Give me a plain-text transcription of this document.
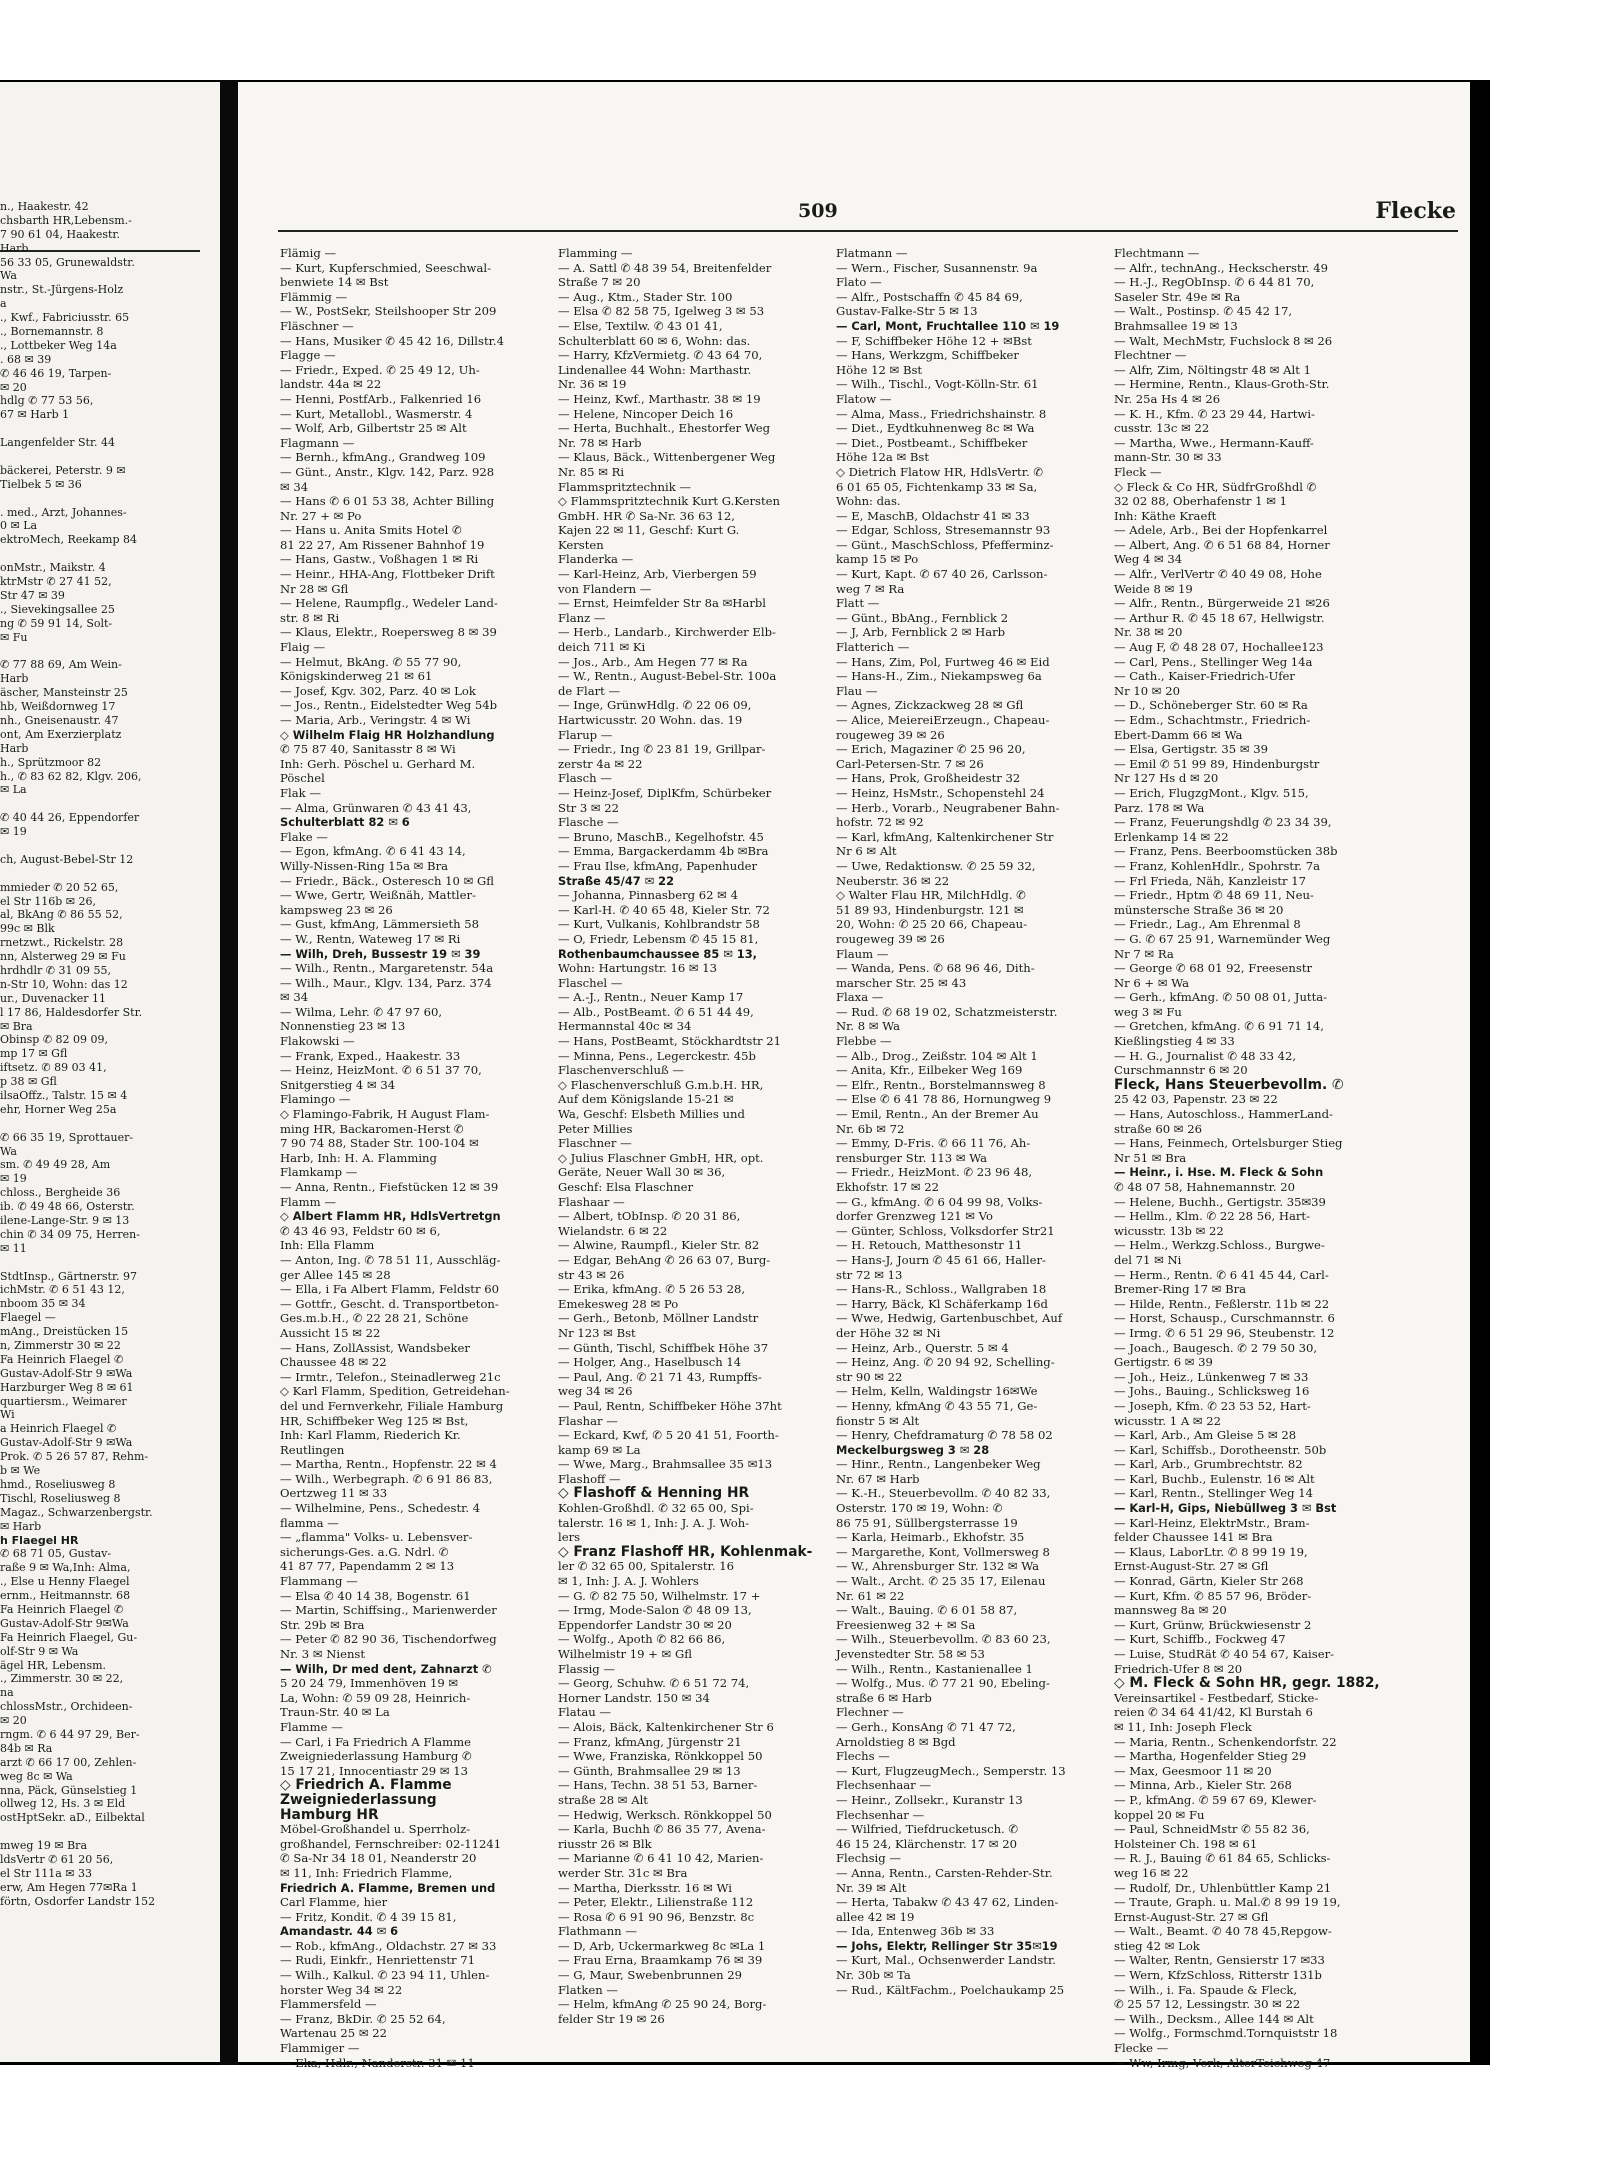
n., Haakestr. 42
chsbarth HR,Lebensm.-
7 90 61 04, Haakestr.
Harb
56 33 05, Grunewaldstr.
Wa
nstr., St.-Jürgens-Holz
a
., Kwf., Fabriciusstr. 65
., Bornemannstr. 8
., Lottbeker Weg 14a
. 68 ✉ 39
✆ 46 46 19, Tarpen-
✉ 20
hdlg ✆ 77 53 56,
67 ✉ Harb 1

Langenfelder Str. 44

bäckerei, Peterstr. 9 ✉
Tielbek 5 ✉ 36

. med., Arzt, Johannes-
0 ✉ La
ektroMech, Reekamp 84

onMstr., Maikstr. 4
ktrMstr ✆ 27 41 52,
Str 47 ✉ 39
., Sievekingsallee 25
ng ✆ 59 91 14, Solt-
✉ Fu

✆ 77 88 69, Am Wein-
Harb
äscher, Mansteinstr 25
hb, Weißdornweg 17
nh., Gneisenaustr. 47
ont, Am Exerzierplatz
Harb
h., Sprützmoor 82
h., ✆ 83 62 82, Klgv. 206,
✉ La

✆ 40 44 26, Eppendorfer
✉ 19

ch, August-Bebel-Str 12

mmieder ✆ 20 52 65,
el Str 116b ✉ 26,
al, BkAng ✆ 86 55 52,
99c ✉ Blk
rnetzwt., Rickelstr. 28
nn, Alsterweg 29 ✉ Fu
hrdhdlr ✆ 31 09 55,
n-Str 10, Wohn: das 12
ur., Duvenacker 11
l 17 86, Haldesdorfer Str.
✉ Bra
Obinsp ✆ 82 09 09,
mp 17 ✉ Gfl
iftsetz. ✆ 89 03 41,
p 38 ✉ Gfl
ilsaOffz., Talstr. 15 ✉ 4
ehr, Horner Weg 25a

✆ 66 35 19, Sprottauer-
Wa
sm. ✆ 49 49 28, Am
✉ 19
chloss., Bergheide 36
ib. ✆ 49 48 66, Osterstr.
ilene-Lange-Str. 9 ✉ 13
chin ✆ 34 09 75, Herren-
✉ 11

StdtInsp., Gärtnerstr. 97
ichMstr. ✆ 6 51 43 12,
nboom 35 ✉ 34
Flaegel —
mAng., Dreistücken 15
n, Zimmerstr 30 ✉ 22
Fa Heinrich Flaegel ✆
Gustav-Adolf-Str 9 ✉Wa
Harzburger Weg 8 ✉ 61
quartiersm., Weimarer
Wi
a Heinrich Flaegel ✆
Gustav-Adolf-Str 9 ✉Wa
Prok. ✆ 5 26 57 87, Rehm-
b ✉ We
hmd., Roseliusweg 8
Tischl, Roseliusweg 8
Magaz., Schwarzenbergstr.
✉ Harb
h Flaegel HR
✆ 68 71 05, Gustav-
raße 9 ✉ Wa,Inh: Alma,
., Else u Henny Flaegel
ernm., Heitmannstr. 68
Fa Heinrich Flaegel ✆
Gustav-Adolf-Str 9✉Wa
Fa Heinrich Flaegel, Gu-
olf-Str 9 ✉ Wa
ägel HR, Lebensm.
., Zimmerstr. 30 ✉ 22,
na
chlossMstr., Orchideen-
✉ 20
rngm. ✆ 6 44 97 29, Ber-
84b ✉ Ra
arzt ✆ 66 17 00, Zehlen-
weg 8c ✉ Wa
nna, Päck, Günselstieg 1
ollweg 12, Hs. 3 ✉ Eld
ostHptSekr. aD., Eilbektal

mweg 19 ✉ Bra
ldsVertr ✆ 61 20 56,
el Str 111a ✉ 33
erw, Am Hegen 77✉Ra 1
förtn, Osdorfer Landstr 152
509	Flecke
Flämig —
— Kurt, Kupferschmied, Seeschwal-
benwiete 14 ✉ Bst
Flämmig —
— W., PostSekr, Steilshooper Str 209
Fläschner —
— Hans, Musiker ✆ 45 42 16, Dillstr.4
Flagge —
— Friedr., Exped. ✆ 25 49 12, Uh-
landstr. 44a ✉ 22
— Henni, PostfArb., Falkenried 16
— Kurt, Metallobl., Wasmerstr. 4
— Wolf, Arb, Gilbertstr 25 ✉ Alt
Flagmann —
— Bernh., kfmAng., Grandweg 109
— Günt., Anstr., Klgv. 142, Parz. 928
✉ 34
— Hans ✆ 6 01 53 38, Achter Billing
Nr. 27 + ✉ Po
— Hans u. Anita Smits Hotel ✆
81 22 27, Am Rissener Bahnhof 19
— Hans, Gastw., Voßhagen 1 ✉ Ri
— Heinr., HHA-Ang, Flottbeker Drift
Nr 28 ✉ Gfl
— Helene, Raumpflg., Wedeler Land-
str. 8 ✉ Ri
— Klaus, Elektr., Roepersweg 8 ✉ 39
Flaig —
— Helmut, BkAng. ✆ 55 77 90,
Königskinderweg 21 ✉ 61
— Josef, Kgv. 302, Parz. 40 ✉ Lok
— Jos., Rentn., Eidelstedter Weg 54b
— Maria, Arb., Veringstr. 4 ✉ Wi
◇ Wilhelm Flaig HR Holzhandlung
✆ 75 87 40, Sanitasstr 8 ✉ Wi
Inh: Gerh. Pöschel u. Gerhard M.
Pöschel
Flak —
— Alma, Grünwaren ✆ 43 41 43,
Schulterblatt 82 ✉ 6
Flake —
— Egon, kfmAng. ✆ 6 41 43 14,
Willy-Nissen-Ring 15a ✉ Bra
— Friedr., Bäck., Osteresch 10 ✉ Gfl
— Wwe, Gertr, Weißnäh, Mattler-
kampsweg 23 ✉ 26
— Gust, kfmAng, Lämmersieth 58
— W., Rentn, Wateweg 17 ✉ Ri
— Wilh, Dreh, Bussestr 19 ✉ 39
— Wilh., Rentn., Margaretenstr. 54a
— Wilh., Maur., Klgv. 134, Parz. 374
✉ 34
— Wilma, Lehr. ✆ 47 97 60,
Nonnenstieg 23 ✉ 13
Flakowski —
— Frank, Exped., Haakestr. 33
— Heinz, HeizMont. ✆ 6 51 37 70,
Snitgerstieg 4 ✉ 34
Flamingo —
◇ Flamingo-Fabrik, H August Flam-
ming HR, Backaromen-Herst ✆
7 90 74 88, Stader Str. 100-104 ✉
Harb, Inh: H. A. Flamming
Flamkamp —
— Anna, Rentn., Fiefstücken 12 ✉ 39
Flamm —
◇ Albert Flamm HR, HdlsVertretgn
✆ 43 46 93, Feldstr 60 ✉ 6,
Inh: Ella Flamm
— Anton, Ing. ✆ 78 51 11, Ausschläg-
ger Allee 145 ✉ 28
— Ella, i Fa Albert Flamm, Feldstr 60
— Gottfr., Gescht. d. Transportbeton-
Ges.m.b.H., ✆ 22 28 21, Schöne
Aussicht 15 ✉ 22
— Hans, ZollAssist, Wandsbeker
Chaussee 48 ✉ 22
— Irmtr., Telefon., Steinadlerweg 21c
◇ Karl Flamm, Spedition, Getreidehan-
del und Fernverkehr, Filiale Hamburg
HR, Schiffbeker Weg 125 ✉ Bst,
Inh: Karl Flamm, Riederich Kr.
Reutlingen
— Martha, Rentn., Hopfenstr. 22 ✉ 4
— Wilh., Werbegraph. ✆ 6 91 86 83,
Oertzweg 11 ✉ 33
— Wilhelmine, Pens., Schedestr. 4
flamma —
— „flamma" Volks- u. Lebensver-
sicherungs-Ges. a.G. Ndrl. ✆
41 87 77, Papendamm 2 ✉ 13
Flammang —
— Elsa ✆ 40 14 38, Bogenstr. 61
— Martin, Schiffsing., Marienwerder
Str. 29b ✉ Bra
— Peter ✆ 82 90 36, Tischendorfweg
Nr. 3 ✉ Nienst
— Wilh, Dr med dent, Zahnarzt ✆
5 20 24 79, Immenhöven 19 ✉
La, Wohn: ✆ 59 09 28, Heinrich-
Traun-Str. 40 ✉ La
Flamme —
— Carl, i Fa Friedrich A Flamme
Zweigniederlassung Hamburg ✆
15 17 21, Innocentiastr 29 ✉ 13
◇ Friedrich A. Flamme
Zweigniederlassung
Hamburg HR
Möbel-Großhandel u. Sperrholz-
großhandel, Fernschreiber: 02-11241
✆ Sa-Nr 34 18 01, Neanderstr 20
✉ 11, Inh: Friedrich Flamme,
Friedrich A. Flamme, Bremen und
Carl Flamme, hier
— Fritz, Kondit. ✆ 4 39 15 81,
Amandastr. 44 ✉ 6
— Rob., kfmAng., Oldachstr. 27 ✉ 33
— Rudi, Einkfr., Henriettenstr 71
— Wilh., Kalkul. ✆ 23 94 11, Uhlen-
horster Weg 34 ✉ 22
Flammersfeld —
— Franz, BkDir. ✆ 25 52 64,
Wartenau 25 ✉ 22
Flammiger —
— Eka, Hdlr., Nanderstr. 31 ✉ 11
Flamming —
— A. Sattl ✆ 48 39 54, Breitenfelder
Straße 7 ✉ 20
— Aug., Ktm., Stader Str. 100
— Elsa ✆ 82 58 75, Igelweg 3 ✉ 53
— Else, Textilw. ✆ 43 01 41,
Schulterblatt 60 ✉ 6, Wohn: das.
— Harry, KfzVermietg. ✆ 43 64 70,
Lindenallee 44 Wohn: Marthastr.
Nr. 36 ✉ 19
— Heinz, Kwf., Marthastr. 38 ✉ 19
— Helene, Nincoper Deich 16
— Herta, Buchhalt., Ehestorfer Weg
Nr. 78 ✉ Harb
— Klaus, Bäck., Wittenbergener Weg
Nr. 85 ✉ Ri
Flammspritztechnik —
◇ Flammspritztechnik Kurt G.Kersten
GmbH. HR ✆ Sa-Nr. 36 63 12,
Kajen 22 ✉ 11, Geschf: Kurt G.
Kersten
Flanderka —
— Karl-Heinz, Arb, Vierbergen 59
von Flandern —
— Ernst, Heimfelder Str 8a ✉Harbl
Flanz —
— Herb., Landarb., Kirchwerder Elb-
deich 711 ✉ Ki
— Jos., Arb., Am Hegen 77 ✉ Ra
— W., Rentn., August-Bebel-Str. 100a
de Flart —
— Inge, GrünwHdlg. ✆ 22 06 09,
Hartwicusstr. 20 Wohn. das. 19
Flarup —
— Friedr., Ing ✆ 23 81 19, Grillpar-
zerstr 4a ✉ 22
Flasch —
— Heinz-Josef, DiplKfm, Schürbeker
Str 3 ✉ 22
Flasche —
— Bruno, MaschB., Kegelhofstr. 45
— Emma, Bargackerdamm 4b ✉Bra
— Frau Ilse, kfmAng, Papenhuder
Straße 45/47 ✉ 22
— Johanna, Pinnasberg 62 ✉ 4
— Karl-H. ✆ 40 65 48, Kieler Str. 72
— Kurt, Vulkanis, Kohlbrandstr 58
— O, Friedr, Lebensm ✆ 45 15 81,
Rothenbaumchaussee 85 ✉ 13,
Wohn: Hartungstr. 16 ✉ 13
Flaschel —
— A.-J., Rentn., Neuer Kamp 17
— Alb., PostBeamt. ✆ 6 51 44 49,
Hermannstal 40c ✉ 34
— Hans, PostBeamt, Stöckhardtstr 21
— Minna, Pens., Legerckestr. 45b
Flaschenverschluß —
◇ Flaschenverschluß G.m.b.H. HR,
Auf dem Königslande 15-21 ✉
Wa, Geschf: Elsbeth Millies und
Peter Millies
Flaschner —
◇ Julius Flaschner GmbH, HR, opt.
Geräte, Neuer Wall 30 ✉ 36,
Geschf: Elsa Flaschner
Flashaar —
— Albert, tObInsp. ✆ 20 31 86,
Wielandstr. 6 ✉ 22
— Alwine, Raumpfl., Kieler Str. 82
— Edgar, BehAng ✆ 26 63 07, Burg-
str 43 ✉ 26
— Erika, kfmAng. ✆ 5 26 53 28,
Emekesweg 28 ✉ Po
— Gerh., Betonb, Möllner Landstr
Nr 123 ✉ Bst
— Günth, Tischl, Schiffbek Höhe 37
— Holger, Ang., Haselbusch 14
— Paul, Ang. ✆ 21 71 43, Rumpffs-
weg 34 ✉ 26
— Paul, Rentn, Schiffbeker Höhe 37ht
Flashar —
— Eckard, Kwf, ✆ 5 20 41 51, Foorth-
kamp 69 ✉ La
— Wwe, Marg., Brahmsallee 35 ✉13
Flashoff —
◇ Flashoff & Henning HR
Kohlen-Großhdl. ✆ 32 65 00, Spi-
talerstr. 16 ✉ 1, Inh: J. A. J. Woh-
lers
◇ Franz Flashoff HR, Kohlenmak-
ler ✆ 32 65 00, Spitalerstr. 16
✉ 1, Inh: J. A. J. Wohlers
— G. ✆ 82 75 50, Wilhelmstr. 17 +
— Irmg, Mode-Salon ✆ 48 09 13,
Eppendorfer Landstr 30 ✉ 20
— Wolfg., Apoth ✆ 82 66 86,
Wilhelmistr 19 + ✉ Gfl
Flassig —
— Georg, Schuhw. ✆ 6 51 72 74,
Horner Landstr. 150 ✉ 34
Flatau —
— Alois, Bäck, Kaltenkirchener Str 6
— Franz, kfmAng, Jürgenstr 21
— Wwe, Franziska, Rönkkoppel 50
— Günth, Brahmsallee 29 ✉ 13
— Hans, Techn. 38 51 53, Barner-
straße 28 ✉ Alt
— Hedwig, Werksch. Rönkkoppel 50
— Karla, Buchh ✆ 86 35 77, Avena-
riusstr 26 ✉ Blk
— Marianne ✆ 6 41 10 42, Marien-
werder Str. 31c ✉ Bra
— Martha, Dierksstr. 16 ✉ Wi
— Peter, Elektr., Lilienstraße 112
— Rosa ✆ 6 91 90 96, Benzstr. 8c
Flathmann —
— D, Arb, Uckermarkweg 8c ✉La 1
— Frau Erna, Braamkamp 76 ✉ 39
— G, Maur, Swebenbrunnen 29
Flatken —
— Helm, kfmAng ✆ 25 90 24, Borg-
felder Str 19 ✉ 26
Flatmann —
— Wern., Fischer, Susannenstr. 9a
Flato —
— Alfr., Postschaffn ✆ 45 84 69,
Gustav-Falke-Str 5 ✉ 13
— Carl, Mont, Fruchtallee 110 ✉ 19
— F, Schiffbeker Höhe 12 + ✉Bst
— Hans, Werkzgm, Schiffbeker
Höhe 12 ✉ Bst
— Wilh., Tischl., Vogt-Kölln-Str. 61
Flatow —
— Alma, Mass., Friedrichshainstr. 8
— Diet., Eydtkuhnenweg 8c ✉ Wa
— Diet., Postbeamt., Schiffbeker
Höhe 12a ✉ Bst
◇ Dietrich Flatow HR, HdlsVertr. ✆
6 01 65 05, Fichtenkamp 33 ✉ Sa,
Wohn: das.
— E, MaschB, Oldachstr 41 ✉ 33
— Edgar, Schloss, Stresemannstr 93
— Günt., MaschSchloss, Pfefferminz-
kamp 15 ✉ Po
— Kurt, Kapt. ✆ 67 40 26, Carlsson-
weg 7 ✉ Ra
Flatt —
— Günt., BbAng., Fernblick 2
— J, Arb, Fernblick 2 ✉ Harb
Flatterich —
— Hans, Zim, Pol, Furtweg 46 ✉ Eid
— Hans-H., Zim., Niekampsweg 6a
Flau —
— Agnes, Zickzackweg 28 ✉ Gfl
— Alice, MeiereiErzeugn., Chapeau-
rougeweg 39 ✉ 26
— Erich, Magaziner ✆ 25 96 20,
Carl-Petersen-Str. 7 ✉ 26
— Hans, Prok, Großheidestr 32
— Heinz, HsMstr., Schopenstehl 24
— Herb., Vorarb., Neugrabener Bahn-
hofstr. 72 ✉ 92
— Karl, kfmAng, Kaltenkirchener Str
Nr 6 ✉ Alt
— Uwe, Redaktionsw. ✆ 25 59 32,
Neuberstr. 36 ✉ 22
◇ Walter Flau HR, MilchHdlg. ✆
51 89 93, Hindenburgstr. 121 ✉
20, Wohn: ✆ 25 20 66, Chapeau-
rougeweg 39 ✉ 26
Flaum —
— Wanda, Pens. ✆ 68 96 46, Dith-
marscher Str. 25 ✉ 43
Flaxa —
— Rud. ✆ 68 19 02, Schatzmeisterstr.
Nr. 8 ✉ Wa
Flebbe —
— Alb., Drog., Zeißstr. 104 ✉ Alt 1
— Anita, Kfr., Eilbeker Weg 169
— Elfr., Rentn., Borstelmannsweg 8
— Else ✆ 6 41 78 86, Hornungweg 9
— Emil, Rentn., An der Bremer Au
Nr. 6b ✉ 72
— Emmy, D-Fris. ✆ 66 11 76, Ah-
rensburger Str. 113 ✉ Wa
— Friedr., HeizMont. ✆ 23 96 48,
Ekhofstr. 17 ✉ 22
— G., kfmAng. ✆ 6 04 99 98, Volks-
dorfer Grenzweg 121 ✉ Vo
— Günter, Schloss, Volksdorfer Str21
— H. Retouch, Matthesonstr 11
— Hans-J, Journ ✆ 45 61 66, Haller-
str 72 ✉ 13
— Hans-R., Schloss., Wallgraben 18
— Harry, Bäck, Kl Schäferkamp 16d
— Wwe, Hedwig, Gartenbuschbet, Auf
der Höhe 32 ✉ Ni
— Heinz, Arb., Querstr. 5 ✉ 4
— Heinz, Ang. ✆ 20 94 92, Schelling-
str 90 ✉ 22
— Helm, Kelln, Waldingstr 16✉We
— Henny, kfmAng ✆ 43 55 71, Ge-
fionstr 5 ✉ Alt
— Henry, Chefdramaturg ✆ 78 58 02
Meckelburgsweg 3 ✉ 28
— Hinr., Rentn., Langenbeker Weg
Nr. 67 ✉ Harb
— K.-H., Steuerbevollm. ✆ 40 82 33,
Osterstr. 170 ✉ 19, Wohn: ✆
86 75 91, Süllbergsterrasse 19
— Karla, Heimarb., Ekhofstr. 35
— Margarethe, Kont, Vollmersweg 8
— W., Ahrensburger Str. 132 ✉ Wa
— Walt., Archt. ✆ 25 35 17, Eilenau
Nr. 61 ✉ 22
— Walt., Bauing. ✆ 6 01 58 87,
Freesienweg 32 + ✉ Sa
— Wilh., Steuerbevollm. ✆ 83 60 23,
Jevenstedter Str. 58 ✉ 53
— Wilh., Rentn., Kastanienallee 1
— Wolfg., Mus. ✆ 77 21 90, Ebeling-
straße 6 ✉ Harb
Flechner —
— Gerh., KonsAng ✆ 71 47 72,
Arnoldstieg 8 ✉ Bgd
Flechs —
— Kurt, FlugzeugMech., Semperstr. 13
Flechsenhaar —
— Heinr., Zollsekr., Kuranstr 13
Flechsenhar —
— Wilfried, Tiefdrucketusch. ✆
46 15 24, Klärchenstr. 17 ✉ 20
Flechsig —
— Anna, Rentn., Carsten-Rehder-Str.
Nr. 39 ✉ Alt
— Herta, Tabakw ✆ 43 47 62, Linden-
allee 42 ✉ 19
— Ida, Entenweg 36b ✉ 33
— Johs, Elektr, Rellinger Str 35✉19
— Kurt, Mal., Ochsenwerder Landstr.
Nr. 30b ✉ Ta
— Rud., KältFachm., Poelchaukamp 25
Flechtmann —
— Alfr., technAng., Heckscherstr. 49
— H.-J., RegObInsp. ✆ 6 44 81 70,
Saseler Str. 49e ✉ Ra
— Walt., Postinsp. ✆ 45 42 17,
Brahmsallee 19 ✉ 13
— Walt, MechMstr, Fuchslock 8 ✉ 26
Flechtner —
— Alfr, Zim, Nöltingstr 48 ✉ Alt 1
— Hermine, Rentn., Klaus-Groth-Str.
Nr. 25a Hs 4 ✉ 26
— K. H., Kfm. ✆ 23 29 44, Hartwi-
cusstr. 13c ✉ 22
— Martha, Wwe., Hermann-Kauff-
mann-Str. 30 ✉ 33
Fleck —
◇ Fleck & Co HR, SüdfrGroßhdl ✆
32 02 88, Oberhafenstr 1 ✉ 1
Inh: Käthe Kraeft
— Adele, Arb., Bei der Hopfenkarrel
— Albert, Ang. ✆ 6 51 68 84, Horner
Weg 4 ✉ 34
— Alfr., VerlVertr ✆ 40 49 08, Hohe
Weide 8 ✉ 19
— Alfr., Rentn., Bürgerweide 21 ✉26
— Arthur R. ✆ 45 18 67, Hellwigstr.
Nr. 38 ✉ 20
— Aug F, ✆ 48 28 07, Hochallee123
— Carl, Pens., Stellinger Weg 14a
— Cath., Kaiser-Friedrich-Ufer
Nr 10 ✉ 20
— D., Schöneberger Str. 60 ✉ Ra
— Edm., Schachtmstr., Friedrich-
Ebert-Damm 66 ✉ Wa
— Elsa, Gertigstr. 35 ✉ 39
— Emil ✆ 51 99 89, Hindenburgstr
Nr 127 Hs d ✉ 20
— Erich, FlugzgMont., Klgv. 515,
Parz. 178 ✉ Wa
— Franz, Feuerungshdlg ✆ 23 34 39,
Erlenkamp 14 ✉ 22
— Franz, Pens. Beerboomstücken 38b
— Franz, KohlenHdlr., Spohrstr. 7a
— Frl Frieda, Näh, Kanzleistr 17
— Friedr., Hptm ✆ 48 69 11, Neu-
münstersche Straße 36 ✉ 20
— Friedr., Lag., Am Ehrenmal 8
— G. ✆ 67 25 91, Warnemünder Weg
Nr 7 ✉ Ra
— George ✆ 68 01 92, Freesenstr
Nr 6 + ✉ Wa
— Gerh., kfmAng. ✆ 50 08 01, Jutta-
weg 3 ✉ Fu
— Gretchen, kfmAng. ✆ 6 91 71 14,
Kießlingstieg 4 ✉ 33
— H. G., Journalist ✆ 48 33 42,
Curschmannstr 6 ✉ 20
Fleck, Hans Steuerbevollm. ✆
25 42 03, Papenstr. 23 ✉ 22
— Hans, Autoschloss., HammerLand-
straße 60 ✉ 26
— Hans, Feinmech, Ortelsburger Stieg
Nr 51 ✉ Bra
— Heinr., i. Hse. M. Fleck & Sohn
✆ 48 07 58, Hahnemannstr. 20
— Helene, Buchh., Gertigstr. 35✉39
— Hellm., Klm. ✆ 22 28 56, Hart-
wicusstr. 13b ✉ 22
— Helm., Werkzg.Schloss., Burgwe-
del 71 ✉ Ni
— Herm., Rentn. ✆ 6 41 45 44, Carl-
Bremer-Ring 17 ✉ Bra
— Hilde, Rentn., Feßlerstr. 11b ✉ 22
— Horst, Schausp., Curschmannstr. 6
— Irmg. ✆ 6 51 29 96, Steubenstr. 12
— Joach., Baugesch. ✆ 2 79 50 30,
Gertigstr. 6 ✉ 39
— Joh., Heiz., Lünkenweg 7 ✉ 33
— Johs., Bauing., Schlicksweg 16
— Joseph, Kfm. ✆ 23 53 52, Hart-
wicusstr. 1 A ✉ 22
— Karl, Arb., Am Gleise 5 ✉ 28
— Karl, Schiffsb., Dorotheenstr. 50b
— Karl, Arb., Grumbrechtstr. 82
— Karl, Buchb., Eulenstr. 16 ✉ Alt
— Karl, Rentn., Stellinger Weg 14
— Karl-H, Gips, Niebüllweg 3 ✉ Bst
— Karl-Heinz, ElektrMstr., Bram-
felder Chaussee 141 ✉ Bra
— Klaus, LaborLtr. ✆ 8 99 19 19,
Ernst-August-Str. 27 ✉ Gfl
— Konrad, Gärtn, Kieler Str 268
— Kurt, Kfm. ✆ 85 57 96, Bröder-
mannsweg 8a ✉ 20
— Kurt, Grünw, Brückwiesenstr 2
— Kurt, Schiffb., Fockweg 47
— Luise, StudRät ✆ 40 54 67, Kaiser-
Friedrich-Ufer 8 ✉ 20
◇ M. Fleck & Sohn HR, gegr. 1882,
Vereinsartikel - Festbedarf, Sticke-
reien ✆ 34 64 41/42, Kl Burstah 6
✉ 11, Inh: Joseph Fleck
— Maria, Rentn., Schenkendorfstr. 22
— Martha, Hogenfelder Stieg 29
— Max, Geesmoor 11 ✉ 20
— Minna, Arb., Kieler Str. 268
— P., kfmAng. ✆ 59 67 69, Klewer-
koppel 20 ✉ Fu
— Paul, SchneidMstr ✆ 55 82 36,
Holsteiner Ch. 198 ✉ 61
— R. J., Bauing ✆ 61 84 65, Schlicks-
weg 16 ✉ 22
— Rudolf, Dr., Uhlenbüttler Kamp 21
— Traute, Graph. u. Mal.✆ 8 99 19 19,
Ernst-August-Str. 27 ✉ Gfl
— Walt., Beamt. ✆ 40 78 45,Repgow-
stieg 42 ✉ Lok
— Walter, Rentn, Gensierstr 17 ✉33
— Wern, KfzSchloss, Ritterstr 131b
— Wilh., i. Fa. Spaude & Fleck,
✆ 25 57 12, Lessingstr. 30 ✉ 22
— Wilh., Decksm., Allee 144 ✉ Alt
— Wolfg., Formschmd.Tornquiststr 18
Flecke —
— Ww, Irmg, Verk, AlterTeichweg 47
